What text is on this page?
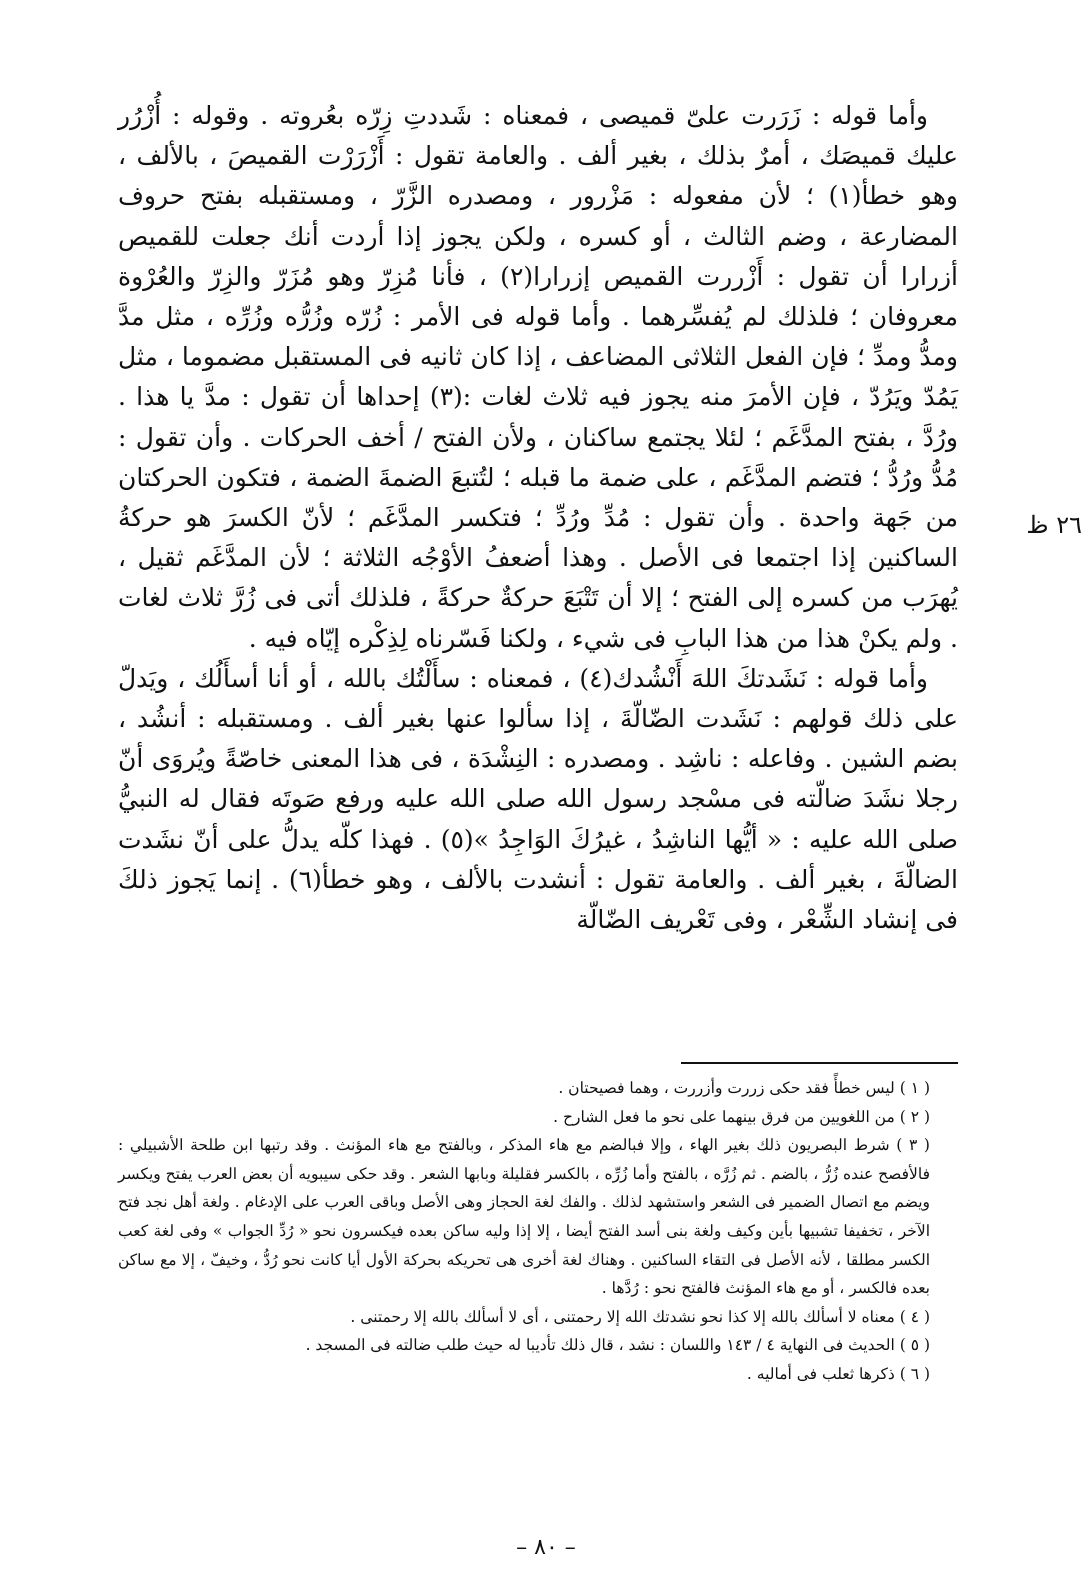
٢٦ ظ

وأما قوله : زَرَرت علىّ قميصى ، فمعناه : شَددتِ زِرّه بعُروته . وقوله : أُزْرُر عليك قميصَك ، أمرٌ بذلك ، بغير ألف . والعامة تقول : أَزْرَرْت القميصَ ، بالألف ، وهو خطأ(١) ؛ لأن مفعوله : مَزْرور ، ومصدره الزَّرّ ، ومستقبله بفتح حروف المضارعة ، وضم الثالث ، أو كسره ، ولكن يجوز إذا أردت أنك جعلت للقميص أزرارا أن تقول : أَزْررت القميص إزرارا(٢) ، فأنا مُزِرّ وهو مُزَرّ والزِرّ والعُرْوة معروفان ؛ فلذلك لم يُفسِّرهما . وأما قوله فى الأمر : زُرّه وزُرُّه وزُرِّه ، مثل مدَّ ومدُّ ومدِّ ؛ فإن الفعل الثلاثى المضاعف ، إذا كان ثانيه فى المستقبل مضموما ، مثل يَمُدّ ويَرُدّ ، فإن الأمرَ منه يجوز فيه ثلاث لغات :(٣) إحداها أن تقول : مدَّ يا هذا . ورُدَّ ، بفتح المدَّغَم ؛ لئلا يجتمع ساكنان ، ولأن الفتح / أخف الحركات . وأن تقول : مُدُّ ورُدُّ ؛ فتضم المدَّغَم ، على ضمة ما قبله ؛ لتُتبعَ الضمةَ الضمة ، فتكون الحركتان من جَهة واحدة . وأن تقول : مُدِّ ورُدِّ ؛ فتكسر المدَّغَم ؛ لأنّ الكسرَ هو حركةُ الساكنين إذا اجتمعا فى الأصل . وهذا أضعفُ الأوْجُه الثلاثة ؛ لأن المدَّغَم ثقيل ، يُهرَب من كسره إلى الفتح ؛ إلا أن تَتْبَعَ حركةٌ حركةً ، فلذلك أتى فى زُرَّ ثلاث لغات . ولم يكنْ هذا من هذا البابِ فى شيء ، ولكنا فَسّرناه لِذِكْره إيّاه فيه .

وأما قوله : نَشَدتكَ اللهَ أَنْشُدك(٤) ، فمعناه : سأَلْتُك بالله ، أو أنا أسأَلُك ، ويَدلّ على ذلك قولهم : نَشَدت الضّالّةَ ، إذا سألوا عنها بغير ألف . ومستقبله : أنشُد ، بضم الشين . وفاعله : ناشِد . ومصدره : النِشْدَة ، فى هذا المعنى خاصّةً ويُروَى أنّ رجلا نشَدَ ضالّته فى مسْجد رسول الله صلى الله عليه ورفع صَوتَه فقال له النبيُّ صلى الله عليه : « أيُّها الناشِدُ ، غيرُكَ الوَاجِدُ »(٥) . فهذا كلّه يدلُّ على أنّ نشَدت الضالّةَ ، بغير ألف . والعامة تقول : أنشدت بالألف ، وهو خطأ(٦) . إنما يَجوز ذلكَ فى إنشاد الشِّعْر ، وفى تَعْريف الضّالّة

( ١ ) ليس خطأً فقد حكى زررت وأزررت ، وهما فصيحتان .

( ٢ ) من اللغويين من فرق بينهما على نحو ما فعل الشارح .

( ٣ ) شرط البصريون ذلك بغير الهاء ، وإلا فبالضم مع هاء المذكر ، وبالفتح مع هاء المؤنث . وقد رتبها ابن طلحة الأشبيلي : فالأفصح عنده زُرُّ ، بالضم . ثم زُرَّه ، بالفتح وأما زُرِّه ، بالكسر فقليلة وبابها الشعر . وقد حكى سيبويه أن بعض العرب يفتح ويكسر ويضم مع اتصال الضمير فى الشعر واستشهد لذلك . والفك لغة الحجاز وهى الأصل وباقى العرب على الإدغام . ولغة أهل نجد فتح الآخر ، تخفيفا تشبيها بأين وكيف ولغة بنى أسد الفتح أيضا ، إلا إذا وليه ساكن بعده فيكسرون نحو « رُدِّ الجواب » وفى لغة كعب الكسر مطلقا ، لأنه الأصل فى التقاء الساكنين . وهناك لغة أخرى هى تحريكه بحركة الأول أيا كانت نحو رُدُّ ، وخيفّ ، إلا مع ساكن بعده فالكسر ، أو مع هاء المؤنث فالفتح نحو : رُدَّها .

( ٤ ) معناه لا أسألك بالله إلا كذا نحو نشدتك الله إلا رحمتنى ، أى لا أسألك بالله إلا رحمتنى .

( ٥ ) الحديث فى النهاية ٤ / ١٤٣ واللسان : نشد ، قال ذلك تأديبا له حيث طلب ضالته فى المسجد .

( ٦ ) ذكرها ثعلب فى أماليه .

– ٨٠ –
